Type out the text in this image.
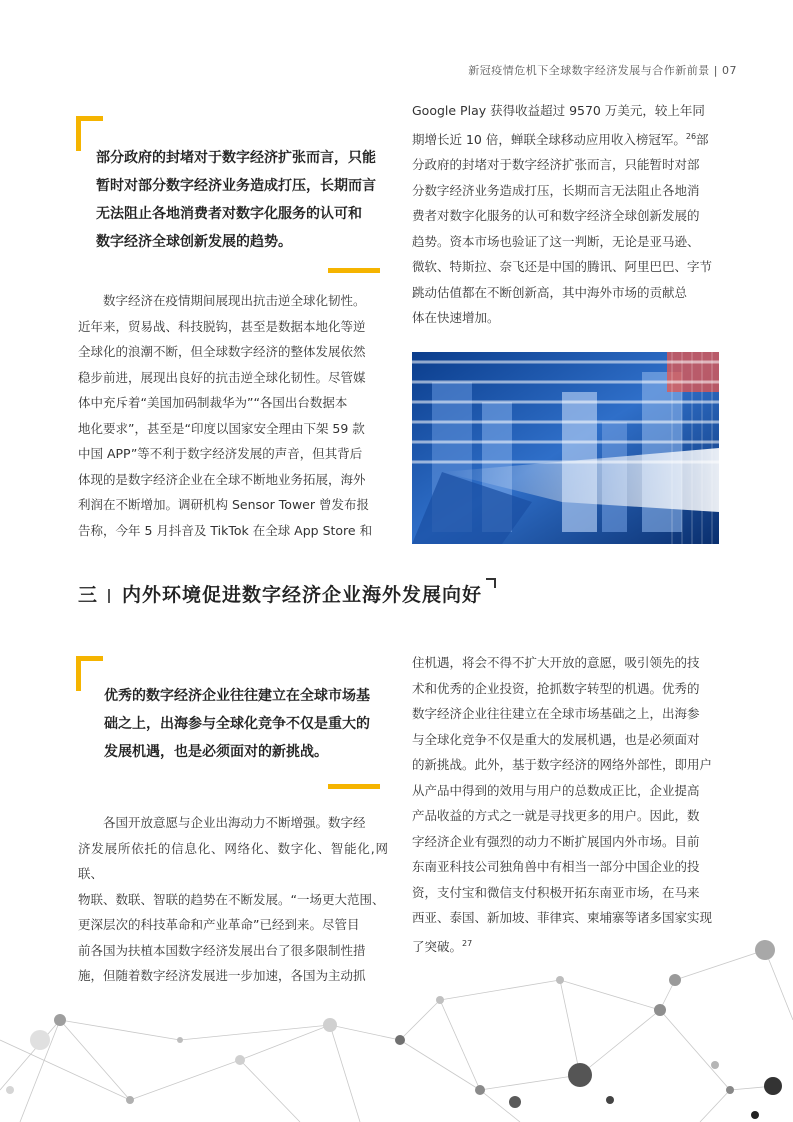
新冠疫情危机下全球数字经济发展与合作新前景 | 07
部分政府的封堵对于数字经济扩张而言，只能
暂时对部分数字经济业务造成打压，长期而言
无法阻止各地消费者对数字化服务的认可和
数字经济全球创新发展的趋势。
数字经济在疫情期间展现出抗击逆全球化韧性。
近年来，贸易战、科技脱钩，甚至是数据本地化等逆
全球化的浪潮不断，但全球数字经济的整体发展依然
稳步前进，展现出良好的抗击逆全球化韧性。尽管媒
体中充斥着“美国加码制裁华为”“各国出台数据本
地化要求”，甚至是“印度以国家安全理由下架 59 款
中国 APP”等不利于数字经济发展的声音，但其背后
体现的是数字经济企业在全球不断地业务拓展，海外
利润在不断增加。调研机构 Sensor Tower 曾发布报
告称，今年 5 月抖音及 TikTok 在全球 App Store 和
Google Play 获得收益超过 9570 万美元，较上年同
期增长近 10 倍，蝉联全球移动应用收入榜冠军。$^{26}$部
分政府的封堵对于数字经济扩张而言，只能暂时对部
分数字经济业务造成打压，长期而言无法阻止各地消
费者对数字化服务的认可和数字经济全球创新发展的
趋势。资本市场也验证了这一判断，无论是亚马逊、
微软、特斯拉、奈飞还是中国的腾讯、阿里巴巴、字节
跳动估值都在不断创新高，其中海外市场的贡献总
体在快速增加。
三 内外环境促进数字经济企业海外发展向好
优秀的数字经济企业往往建立在全球市场基
础之上，出海参与全球化竞争不仅是重大的
发展机遇，也是必须面对的新挑战。
各国开放意愿与企业出海动力不断增强。数字经
济发展所依托的信息化、网络化、数字化、智能化,网联、
物联、数联、智联的趋势在不断发展。“一场更大范围、
更深层次的科技革命和产业革命”已经到来。尽管目
前各国为扶植本国数字经济发展出台了很多限制性措
施，但随着数字经济发展进一步加速，各国为主动抓
住机遇，将会不得不扩大开放的意愿，吸引领先的技
术和优秀的企业投资，抢抓数字转型的机遇。优秀的
数字经济企业往往建立在全球市场基础之上，出海参
与全球化竞争不仅是重大的发展机遇，也是必须面对
的新挑战。此外，基于数字经济的网络外部性，即用户
从产品中得到的效用与用户的总数成正比，企业提高
产品收益的方式之一就是寻找更多的用户。因此，数
字经济企业有强烈的动力不断扩展国内外市场。目前
东南亚科技公司独角兽中有相当一部分中国企业的投
资，支付宝和微信支付积极开拓东南亚市场，在马来
西亚、泰国、新加坡、菲律宾、柬埔寨等诸多国家实现
了突破。$^{27}$
